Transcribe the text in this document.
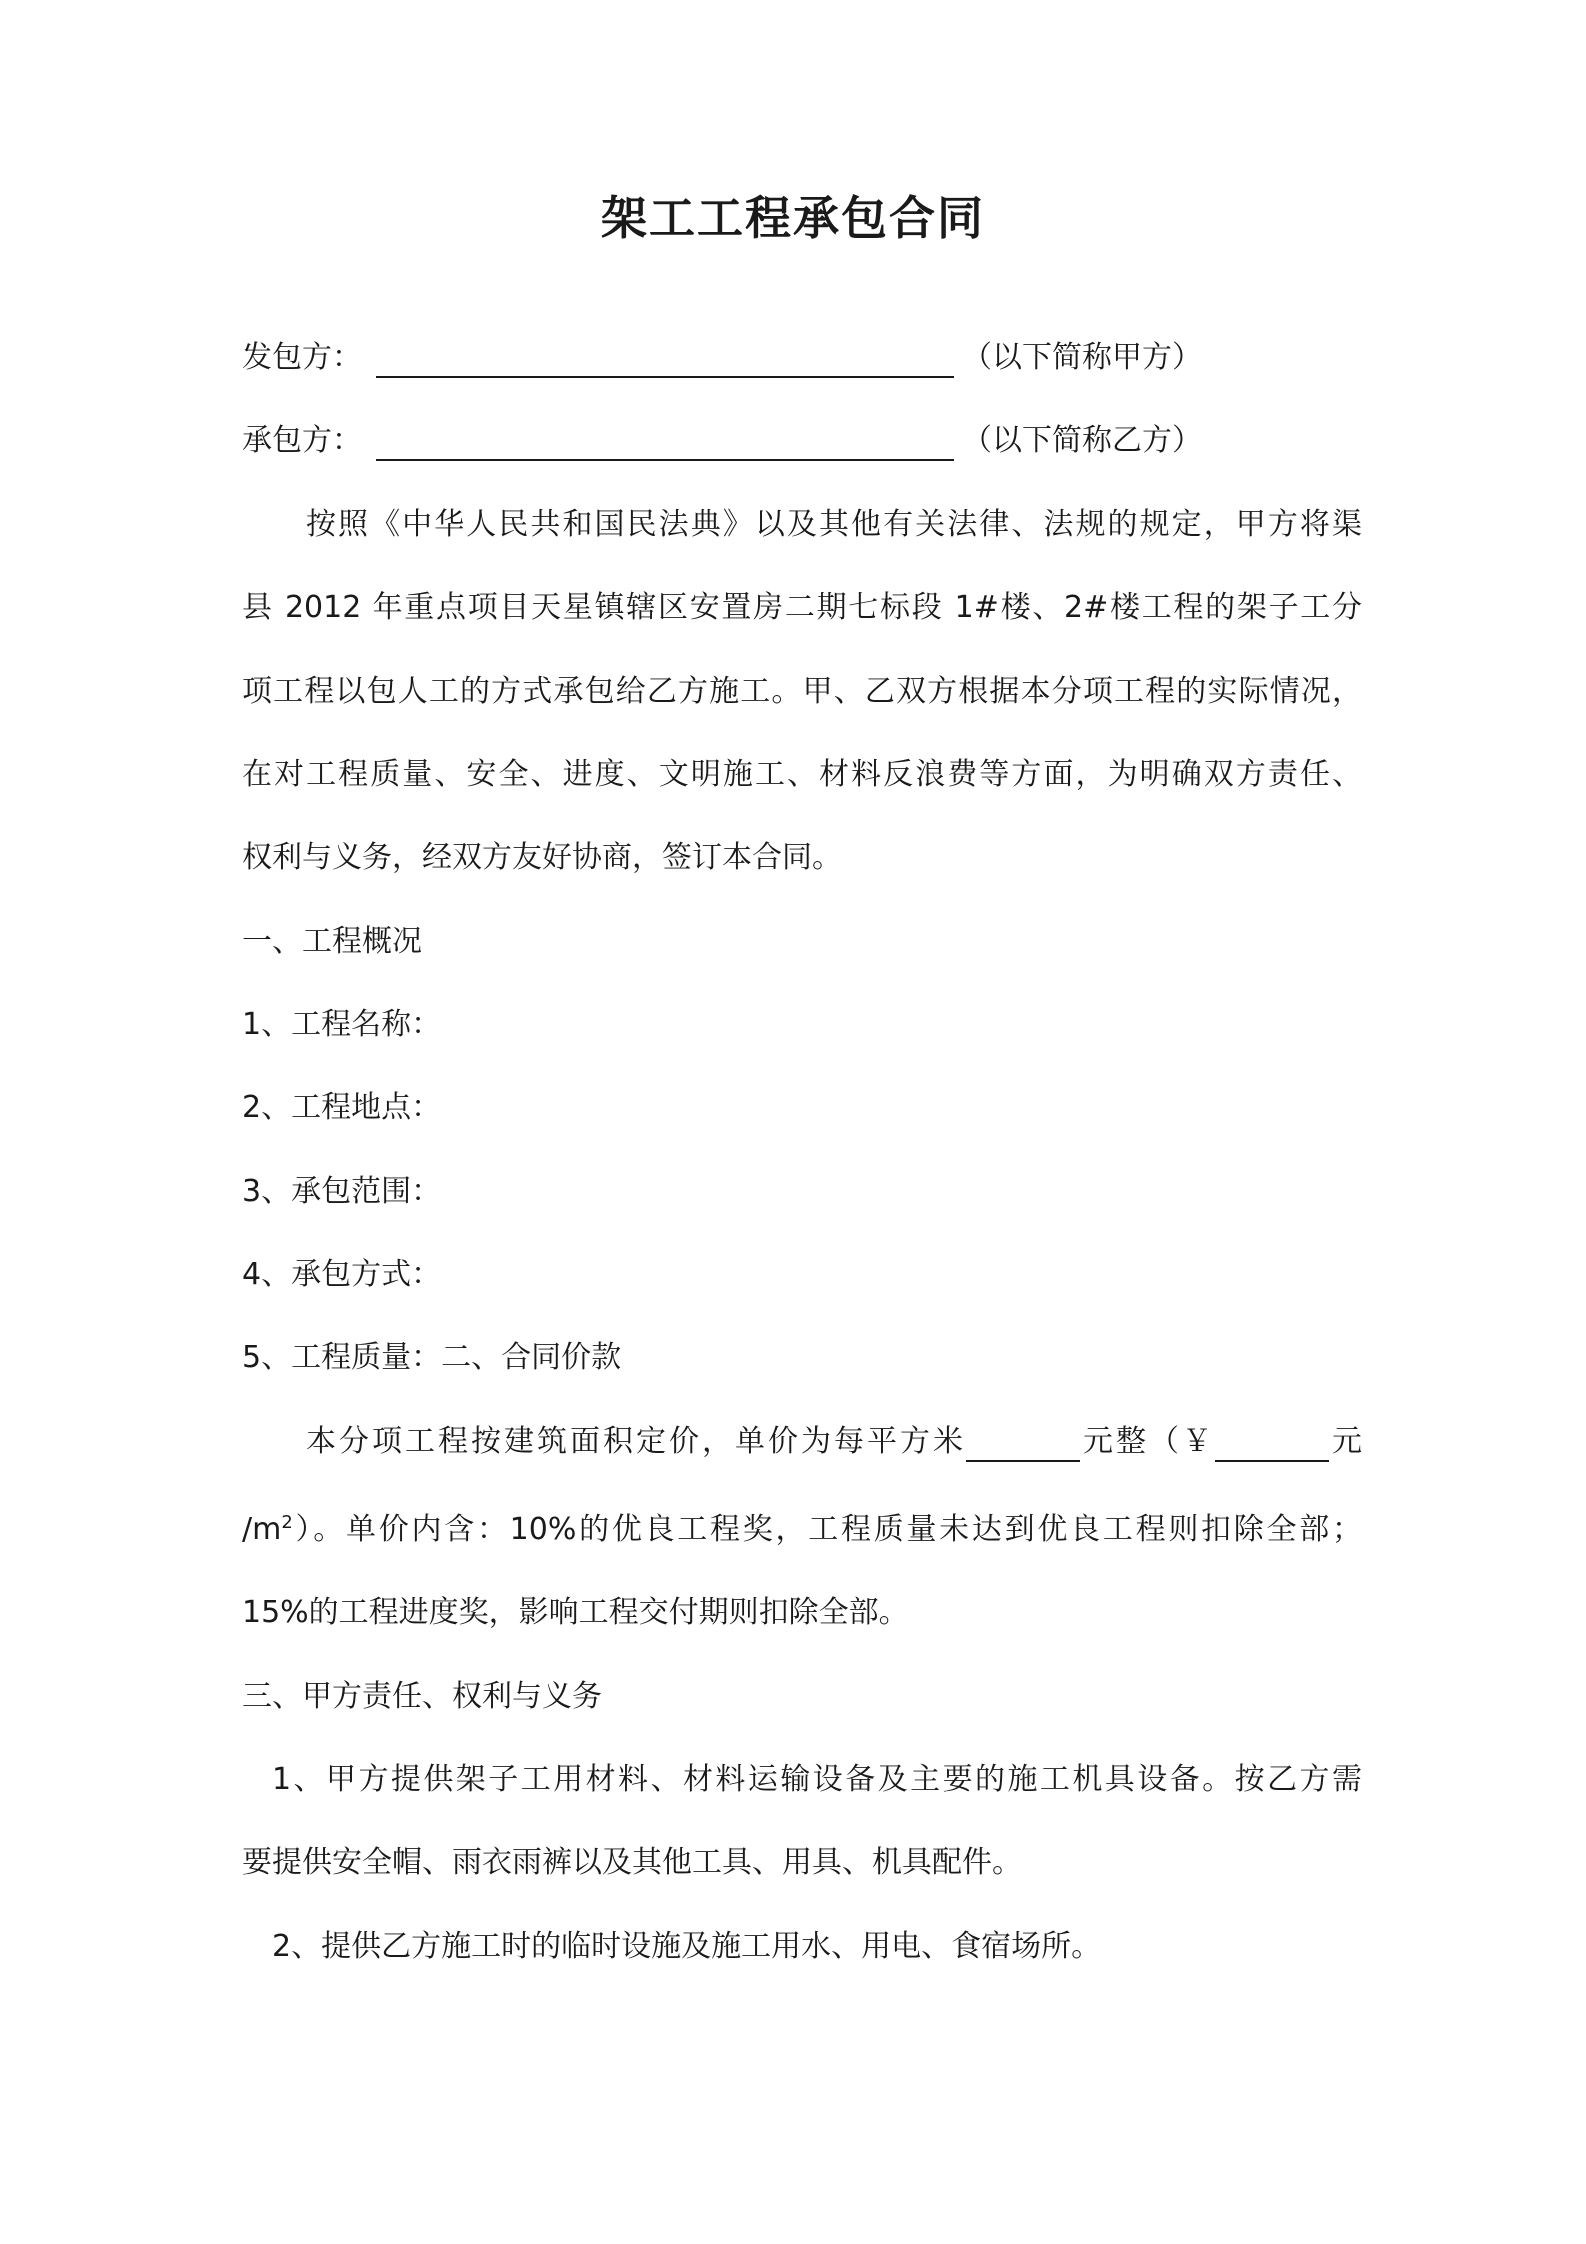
架工工程承包合同
发包方：	（以下简称甲方）
承包方：	（以下简称乙方）
按照《中华人民共和国民法典》以及其他有关法律、法规的规定，甲方将渠
县 2012 年重点项目天星镇辖区安置房二期七标段 1#楼、2#楼工程的架子工分
项工程以包人工的方式承包给乙方施工。甲、乙双方根据本分项工程的实际情况，
在对工程质量、安全、进度、文明施工、材料反浪费等方面，为明确双方责任、
权利与义务，经双方友好协商，签订本合同。
一、工程概况
1、工程名称：
2、工程地点：
3、承包范围：
4、承包方式：
5、工程质量：二、合同价款
本分项工程按建筑面积定价，单价为每平方米	元整（￥	元
$/m^2$）。单价内含：10%的优良工程奖，工程质量未达到优良工程则扣除全部；
15%的工程进度奖，影响工程交付期则扣除全部。
三、甲方责任、权利与义务
1、甲方提供架子工用材料、材料运输设备及主要的施工机具设备。按乙方需
要提供安全帽、雨衣雨裤以及其他工具、用具、机具配件。
2、提供乙方施工时的临时设施及施工用水、用电、食宿场所。
